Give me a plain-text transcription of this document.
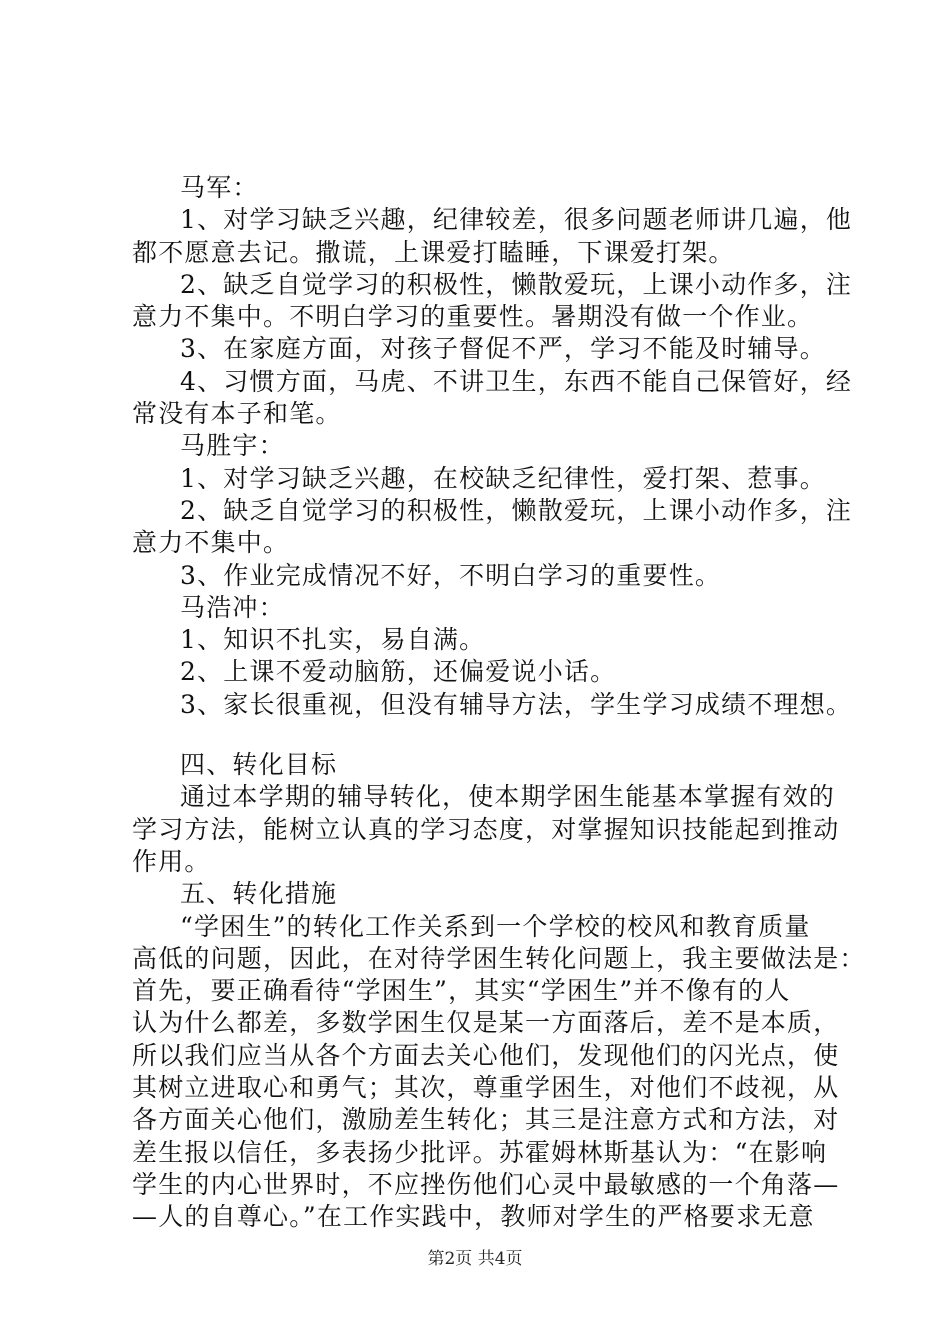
马军：
1、对学习缺乏兴趣，纪律较差，很多问题老师讲几遍，他
都不愿意去记。撒谎，上课爱打瞌睡，下课爱打架。
2、缺乏自觉学习的积极性，懒散爱玩，上课小动作多，注
意力不集中。不明白学习的重要性。暑期没有做一个作业。
3、在家庭方面，对孩子督促不严，学习不能及时辅导。
4、习惯方面，马虎、不讲卫生，东西不能自己保管好，经
常没有本子和笔。
马胜宇：
1、对学习缺乏兴趣，在校缺乏纪律性，爱打架、惹事。
2、缺乏自觉学习的积极性，懒散爱玩，上课小动作多，注
意力不集中。
3、作业完成情况不好，不明白学习的重要性。
马浩冲：
1、知识不扎实，易自满。
2、上课不爱动脑筋，还偏爱说小话。
3、家长很重视，但没有辅导方法，学生学习成绩不理想。
四、转化目标
通过本学期的辅导转化，使本期学困生能基本掌握有效的
学习方法，能树立认真的学习态度，对掌握知识技能起到推动
作用。
五、转化措施
“学困生”的转化工作关系到一个学校的校风和教育质量
高低的问题，因此，在对待学困生转化问题上，我主要做法是：
首先，要正确看待“学困生”，其实“学困生”并不像有的人
认为什么都差，多数学困生仅是某一方面落后，差不是本质，
所以我们应当从各个方面去关心他们，发现他们的闪光点，使
其树立进取心和勇气；其次，尊重学困生，对他们不歧视，从
各方面关心他们，激励差生转化；其三是注意方式和方法，对
差生报以信任，多表扬少批评。苏霍姆林斯基认为：“在影响
学生的内心世界时，不应挫伤他们心灵中最敏感的一个角落—
—人的自尊心。”在工作实践中，教师对学生的严格要求无意
第2页 共4页
